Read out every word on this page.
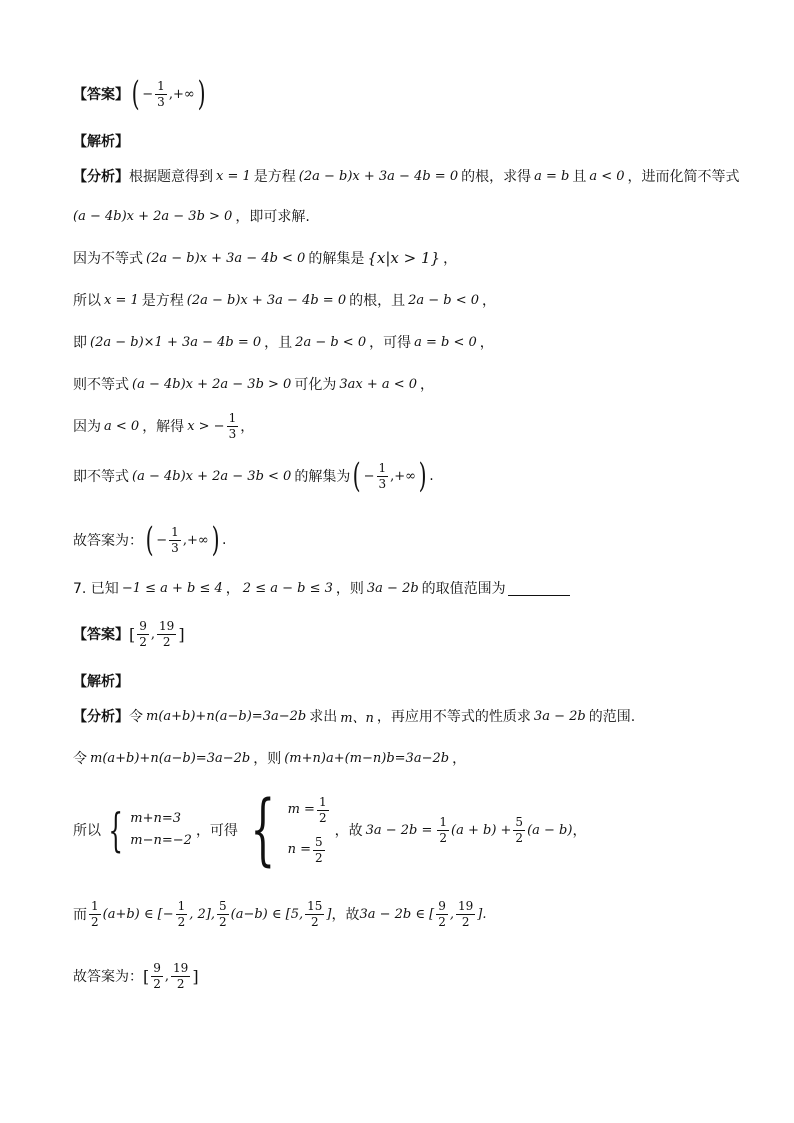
【答案】 ( − $\frac{1}{3}$ ,+∞ )
【解析】
【分析】 根据题意得到 x = 1 是方程 (2a − b)x + 3a − 4b = 0 的根，求得 a = b 且 a < 0 ，进而化简不等式
(a − 4b)x + 2a − 3b > 0 ，即可求解.
因为不等式 (2a − b)x + 3a − 4b < 0 的解集是 {x|x > 1} ，
所以 x = 1 是方程 (2a − b)x + 3a − 4b = 0 的根，且 2a − b < 0 ，
即 (2a − b)×1 + 3a − 4b = 0 ，且 2a − b < 0 ，可得 a = b < 0 ，
则不等式 (a − 4b)x + 2a − 3b > 0 可化为 3ax + a < 0 ，
因为 a < 0 ，解得 x > − $\frac{1}{3}$ ，
即不等式 (a − 4b)x + 2a − 3b < 0 的解集为 ( − $\frac{1}{3}$ ,+∞ ) .
故答案为： ( − $\frac{1}{3}$ ,+∞ ) .
7. 已知 −1 ≤ a + b ≤ 4 ， 2 ≤ a − b ≤ 3 ，则 3a − 2b 的取值范围为
【答案】 [ $\frac{9}{2}$ , $\frac{19}{2}$ ]
【解析】
【分析】 令 m(a+b)+n(a−b)=3a−2b 求出 m、n ，再应用不等式的性质求 3a − 2b 的范围.
令 m(a+b)+n(a−b)=3a−2b ，则 (m+n)a+(m−n)b=3a−2b ，
所以 { m+n=3
m−n=−2
，可得 { $m = \frac{1}{2}$
$n = \frac{5}{2}$
，故 $3a - 2b = \frac{1}{2} (a + b) + \frac{5}{2} (a - b)$ ，
而 $\frac{1}{2} (a+b)$ ∈ [− $\frac{1}{2}$ , 2], $\frac{5}{2} (a-b)$ ∈ [5, $\frac{15}{2}$ ] ，故 3a − 2b ∈ [ $\frac{9}{2}$ , $\frac{19}{2}$ ].
故答案为： [ $\frac{9}{2}$ , $\frac{19}{2}$ ]
